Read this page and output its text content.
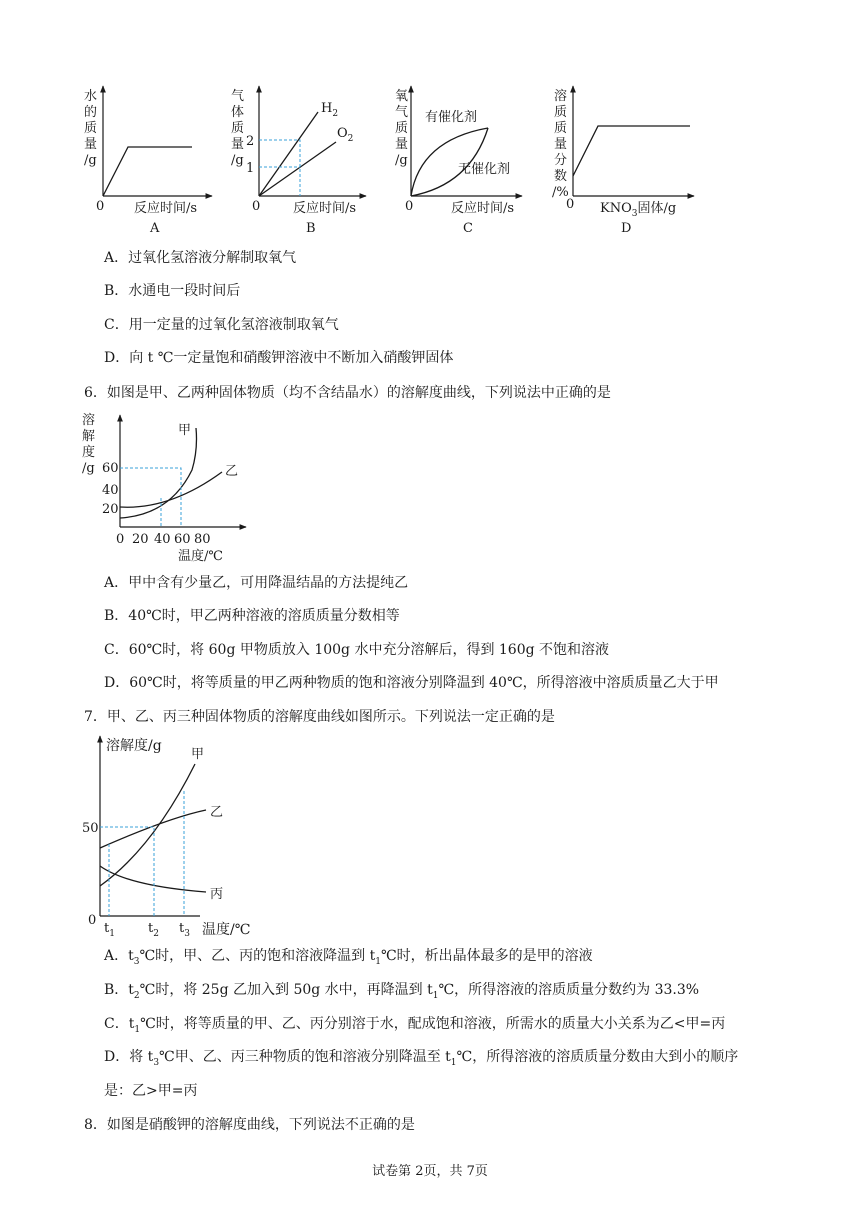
水
的
质
量
/g
0 反应时间/s
A
气
体
质
量
/g
2
1
$H_2$
$O_2$
0	反应时间/s
B
氧
气
质
量
/g
有催化剂
无催化剂
0	反应时间/s
C
溶
质
质
量
分
数
/%
0 $KNO_3$固体/g
D
A．过氧化氢溶液分解制取氧气
B．水通电一段时间后
C．用一定量的过氧化氢溶液制取氧气
D．向 t ℃一定量饱和硝酸钾溶液中不断加入硝酸钾固体
6．如图是甲、乙两种固体物质（均不含结晶水）的溶解度曲线，下列说法中正确的是
溶
解
度
/g 60
40
20
0 20 40 60 80
温度/℃
甲
乙
A．甲中含有少量乙，可用降温结晶的方法提纯乙
B．40℃时，甲乙两种溶液的溶质质量分数相等
C．60℃时，将 60g 甲物质放入 100g 水中充分溶解后，得到 160g 不饱和溶液
D．60℃时，将等质量的甲乙两种物质的饱和溶液分别降温到 40℃，所得溶液中溶质质量乙大于甲
7．甲、乙、丙三种固体物质的溶解度曲线如图所示。下列说法一定正确的是
溶解度/g
50
0
$t_1$	$t_2$ $t_3$ 温度/℃
甲
乙
丙
A．$t_3℃$时，甲、乙、丙的饱和溶液降温到 $t_1℃$时，析出晶体最多的是甲的溶液
B．$t_2℃$时，将 25g 乙加入到 50g 水中，再降温到 $t_1℃$，所得溶液的溶质质量分数约为 33.3%
C．$t_1℃$时，将等质量的甲、乙、丙分别溶于水，配成饱和溶液，所需水的质量大小关系为乙<甲=丙
D．将 $t_3℃$甲、乙、丙三种物质的饱和溶液分别降温至 $t_1℃$，所得溶液的溶质质量分数由大到小的顺序
是：乙>甲=丙
8．如图是硝酸钾的溶解度曲线，下列说法不正确的是
试卷第 2页，共 7页
